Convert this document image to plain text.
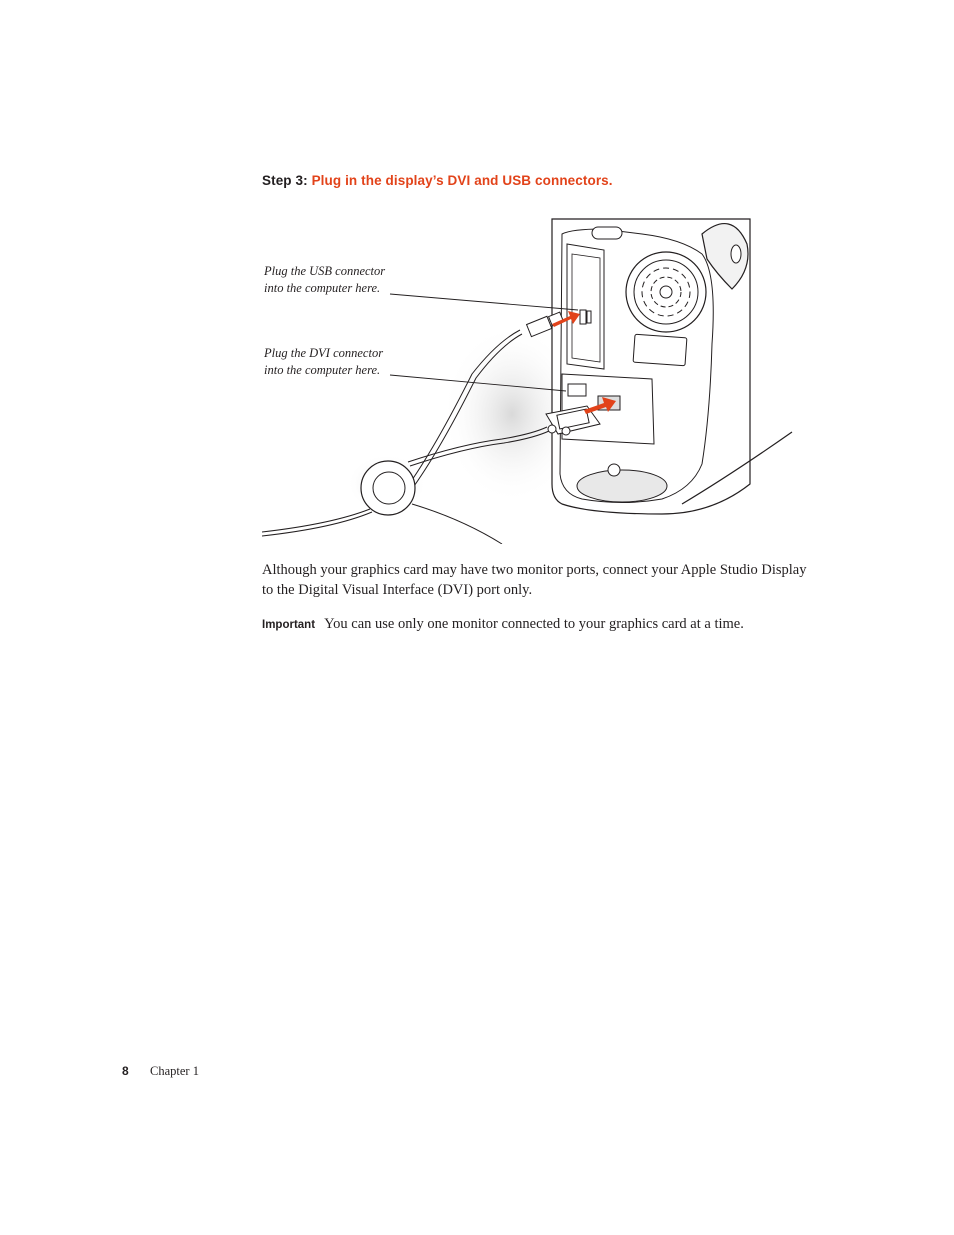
Step 3: Plug in the display’s DVI and USB connectors.
Plug the USB connector
into the computer here.
Plug the DVI connector
into the computer here.

Although your graphics card may have two monitor ports, connect your Apple Studio Display
to the Digital Visual Interface (DVI) port only.

Important You can use only one monitor connected to your graphics card at a time.

8 Chapter 1
